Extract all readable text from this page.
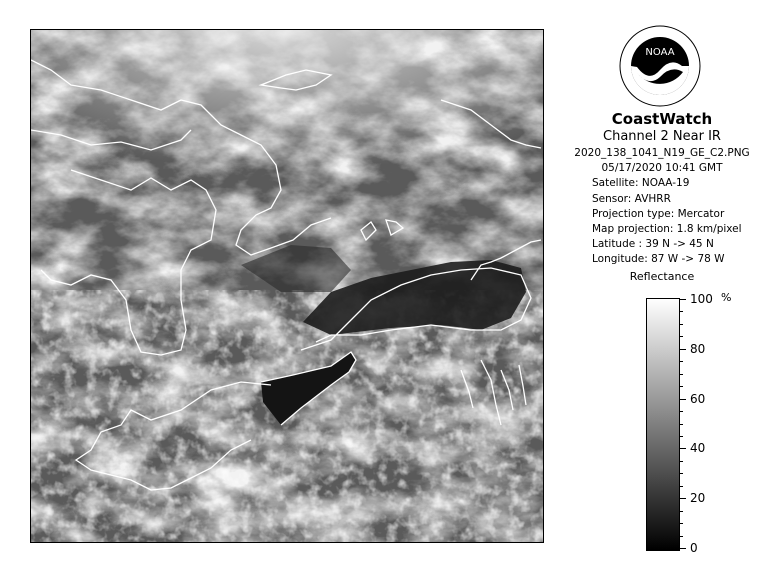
NOAA
CoastWatch
Channel 2 Near IR
2020_138_1041_N19_GE_C2.PNG
05/17/2020 10:41 GMT
Satellite: NOAA-19
Sensor: AVHRR
Projection type: Mercator
Map projection: 1.8 km/pixel
Latitude : 39 N -> 45 N
Longitude: 87 W -> 78 W
Reflectance
%
100
80
60
40
20
0
